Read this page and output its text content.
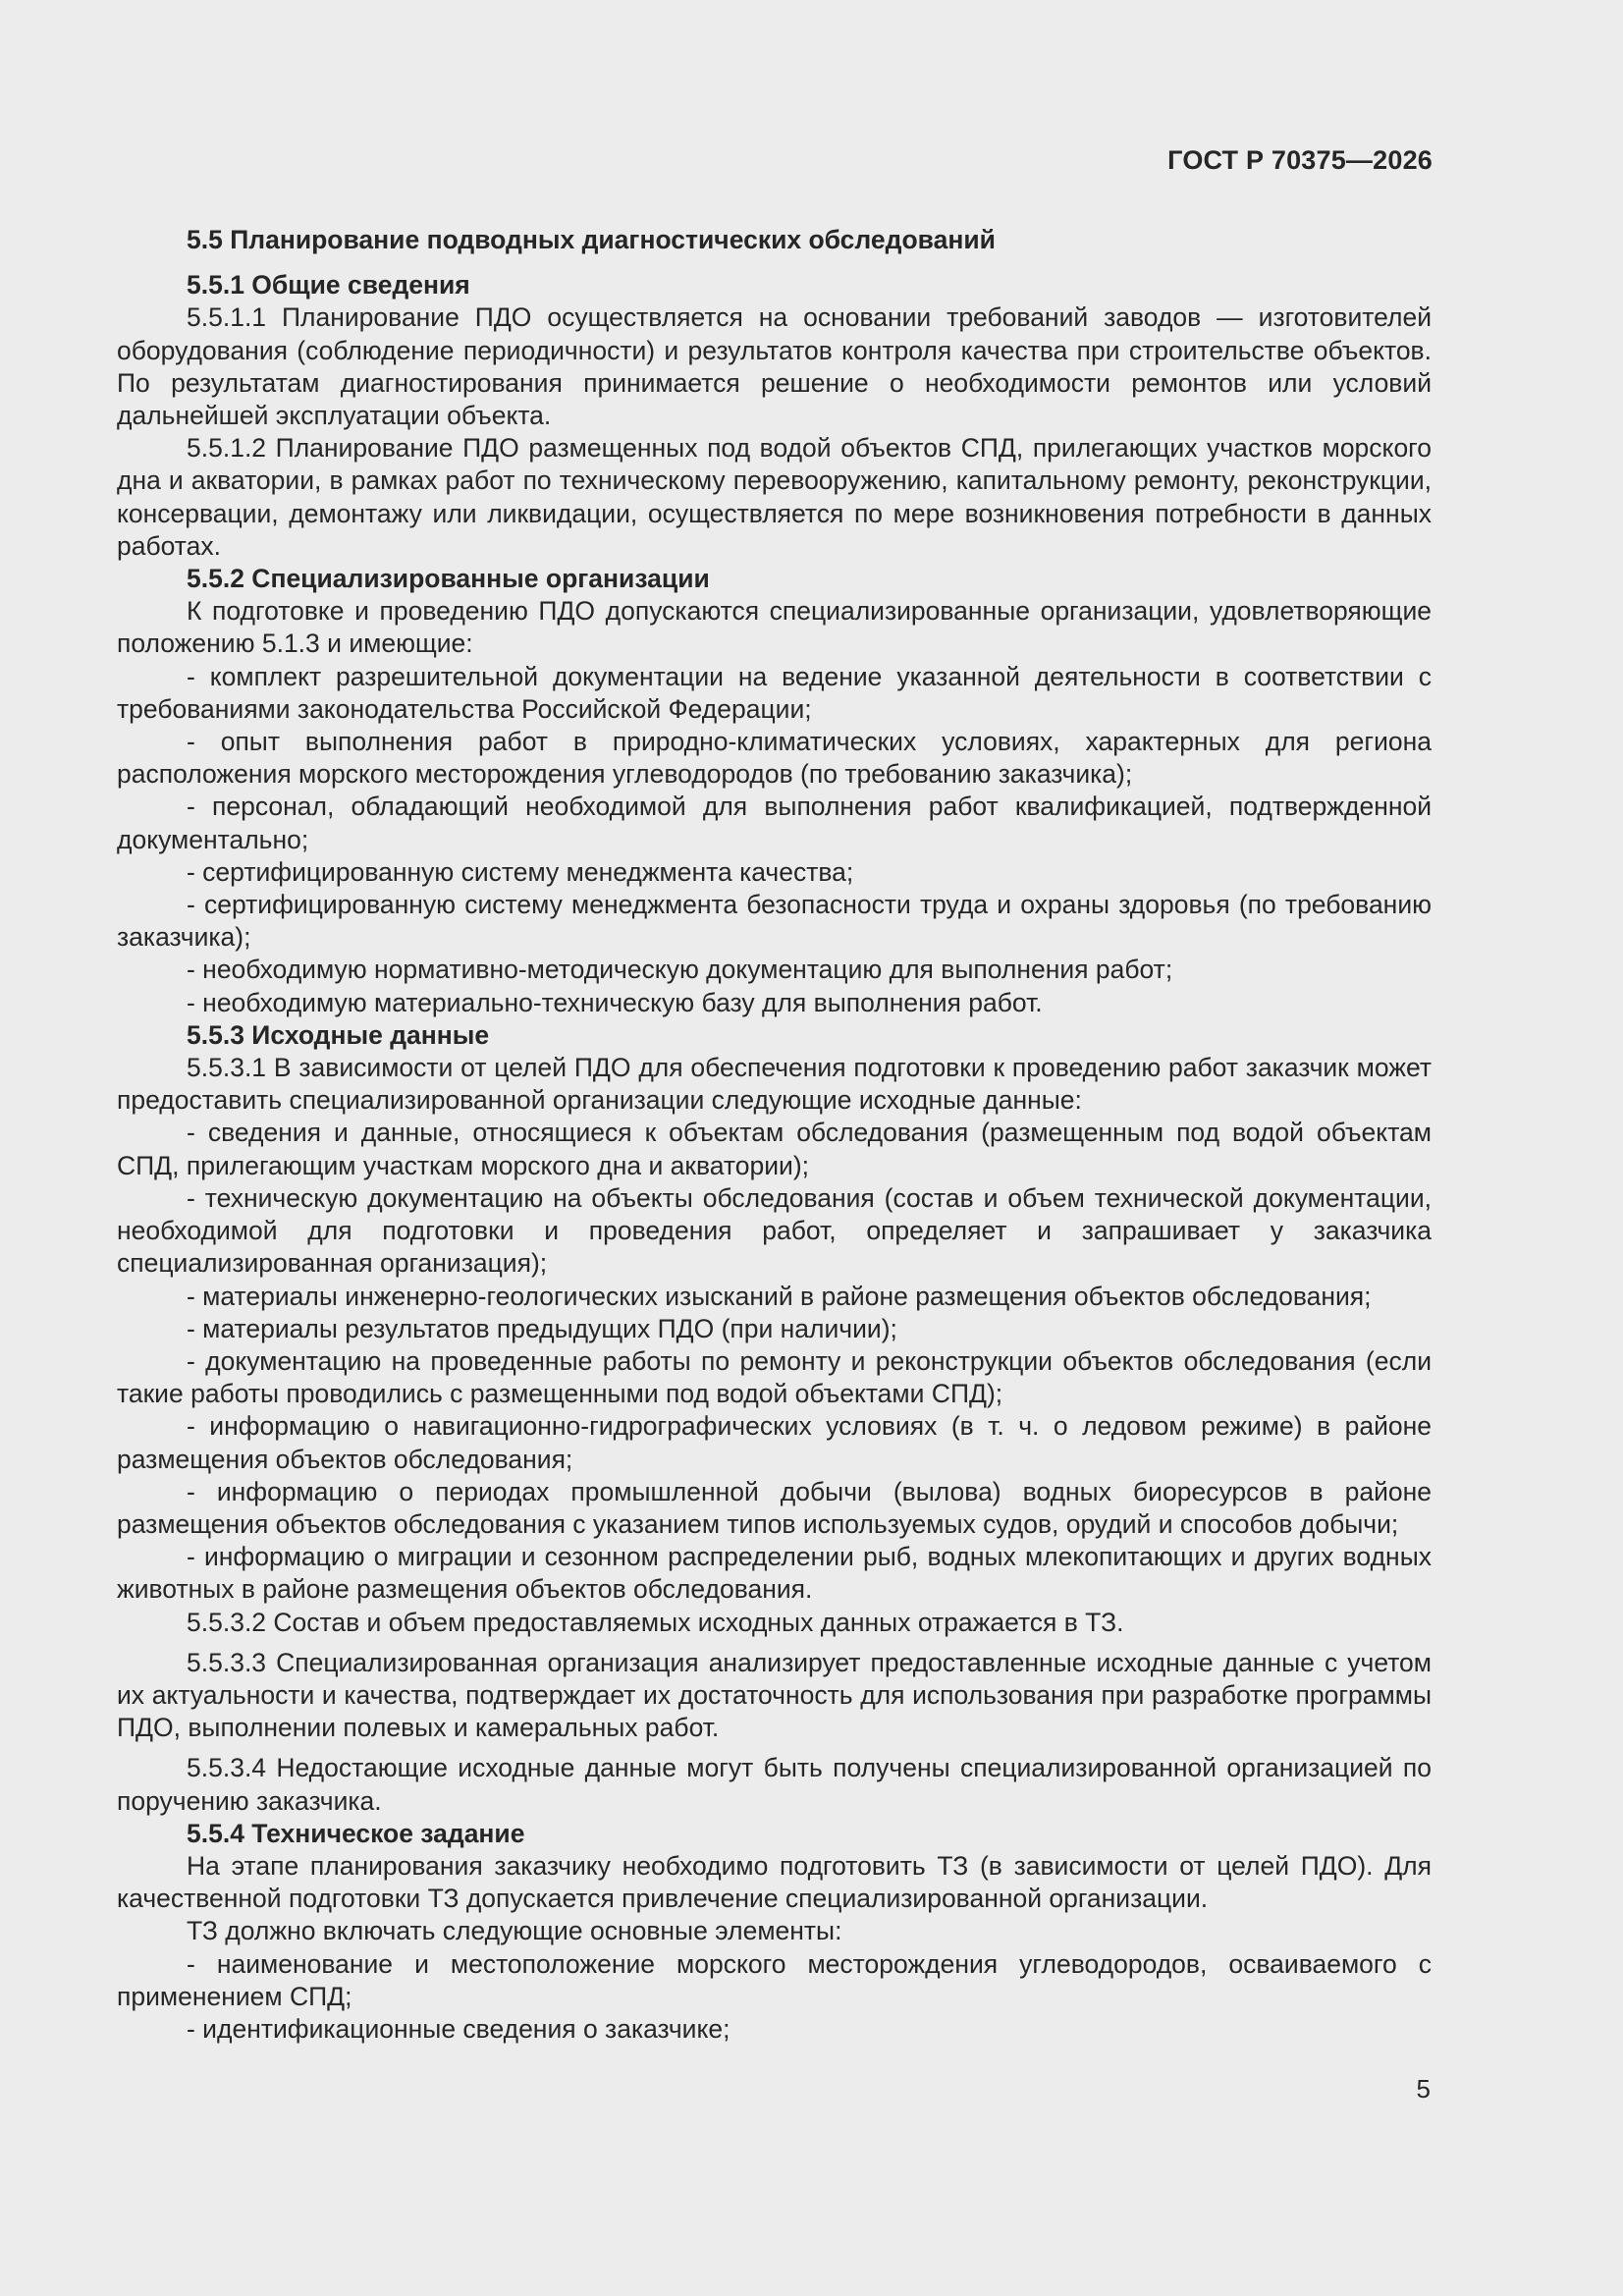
ГОСТ Р 70375—2026

5.5 Планирование подводных диагностических обследований

5.5.1 Общие сведения

5.5.1.1 Планирование ПДО осуществляется на основании требований заводов — изготовителей оборудования (соблюдение периодичности) и результатов контроля качества при строительстве объектов. По результатам диагностирования принимается решение о необходимости ремонтов или условий дальнейшей эксплуатации объекта.

5.5.1.2 Планирование ПДО размещенных под водой объектов СПД, прилегающих участков морского дна и акватории, в рамках работ по техническому перевооружению, капитальному ремонту, реконструкции, консервации, демонтажу или ликвидации, осуществляется по мере возникновения потребности в данных работах.

5.5.2 Специализированные организации

К подготовке и проведению ПДО допускаются специализированные организации, удовлетворяющие положению 5.1.3 и имеющие:

- комплект разрешительной документации на ведение указанной деятельности в соответствии с требованиями законодательства Российской Федерации;

- опыт выполнения работ в природно-климатических условиях, характерных для региона расположения морского месторождения углеводородов (по требованию заказчика);

- персонал, обладающий необходимой для выполнения работ квалификацией, подтвержденной документально;

- сертифицированную систему менеджмента качества;

- сертифицированную систему менеджмента безопасности труда и охраны здоровья (по требованию заказчика);

- необходимую нормативно-методическую документацию для выполнения работ;

- необходимую материально-техническую базу для выполнения работ.

5.5.3 Исходные данные

5.5.3.1 В зависимости от целей ПДО для обеспечения подготовки к проведению работ заказчик может предоставить специализированной организации следующие исходные данные:

- сведения и данные, относящиеся к объектам обследования (размещенным под водой объектам СПД, прилегающим участкам морского дна и акватории);

- техническую документацию на объекты обследования (состав и объем технической документации, необходимой для подготовки и проведения работ, определяет и запрашивает у заказчика специализированная организация);

- материалы инженерно-геологических изысканий в районе размещения объектов обследования;

- материалы результатов предыдущих ПДО (при наличии);

- документацию на проведенные работы по ремонту и реконструкции объектов обследования (если такие работы проводились с размещенными под водой объектами СПД);

- информацию о навигационно-гидрографических условиях (в т. ч. о ледовом режиме) в районе размещения объектов обследования;

- информацию о периодах промышленной добычи (вылова) водных биоресурсов в районе размещения объектов обследования с указанием типов используемых судов, орудий и способов добычи;

- информацию о миграции и сезонном распределении рыб, водных млекопитающих и других водных животных в районе размещения объектов обследования.

5.5.3.2 Состав и объем предоставляемых исходных данных отражается в ТЗ.

5.5.3.3 Специализированная организация анализирует предоставленные исходные данные с учетом их актуальности и качества, подтверждает их достаточность для использования при разработке программы ПДО, выполнении полевых и камеральных работ.

5.5.3.4 Недостающие исходные данные могут быть получены специализированной организацией по поручению заказчика.

5.5.4 Техническое задание

На этапе планирования заказчику необходимо подготовить ТЗ (в зависимости от целей ПДО). Для качественной подготовки ТЗ допускается привлечение специализированной организации.

ТЗ должно включать следующие основные элементы:

- наименование и местоположение морского месторождения углеводородов, осваиваемого с применением СПД;

- идентификационные сведения о заказчике;

5
